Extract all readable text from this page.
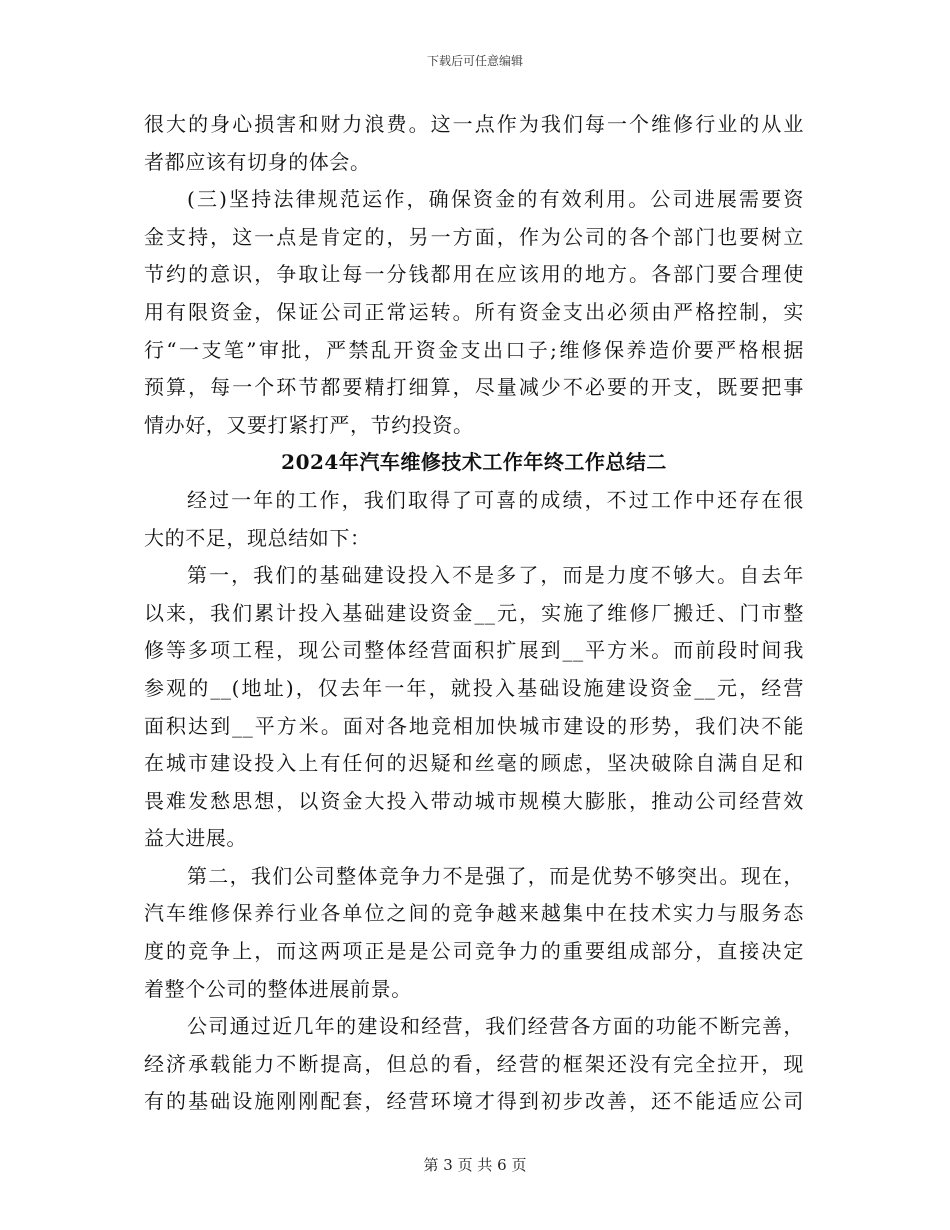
下载后可任意编辑
很大的身心损害和财力浪费。这一点作为我们每一个维修行业的从业
者都应该有切身的体会。
(三)坚持法律规范运作，确保资金的有效利用。公司进展需要资
金支持，这一点是肯定的，另一方面，作为公司的各个部门也要树立
节约的意识，争取让每一分钱都用在应该用的地方。各部门要合理使
用有限资金，保证公司正常运转。所有资金支出必须由严格控制，实
行“一支笔”审批，严禁乱开资金支出口子;维修保养造价要严格根据
预算，每一个环节都要精打细算，尽量减少不必要的开支，既要把事
情办好，又要打紧打严，节约投资。
2024年汽车维修技术工作年终工作总结二
经过一年的工作，我们取得了可喜的成绩，不过工作中还存在很
大的不足，现总结如下：
第一，我们的基础建设投入不是多了，而是力度不够大。自去年
以来，我们累计投入基础建设资金__元，实施了维修厂搬迁、门市整
修等多项工程，现公司整体经营面积扩展到__平方米。而前段时间我
参观的__(地址)，仅去年一年，就投入基础设施建设资金__元，经营
面积达到__平方米。面对各地竞相加快城市建设的形势，我们决不能
在城市建设投入上有任何的迟疑和丝毫的顾虑，坚决破除自满自足和
畏难发愁思想，以资金大投入带动城市规模大膨胀，推动公司经营效
益大进展。
第二，我们公司整体竞争力不是强了，而是优势不够突出。现在，
汽车维修保养行业各单位之间的竞争越来越集中在技术实力与服务态
度的竞争上，而这两项正是是公司竞争力的重要组成部分，直接决定
着整个公司的整体进展前景。
公司通过近几年的建设和经营，我们经营各方面的功能不断完善，
经济承载能力不断提高，但总的看，经营的框架还没有完全拉开，现
有的基础设施刚刚配套，经营环境才得到初步改善，还不能适应公司
第 3 页 共 6 页
